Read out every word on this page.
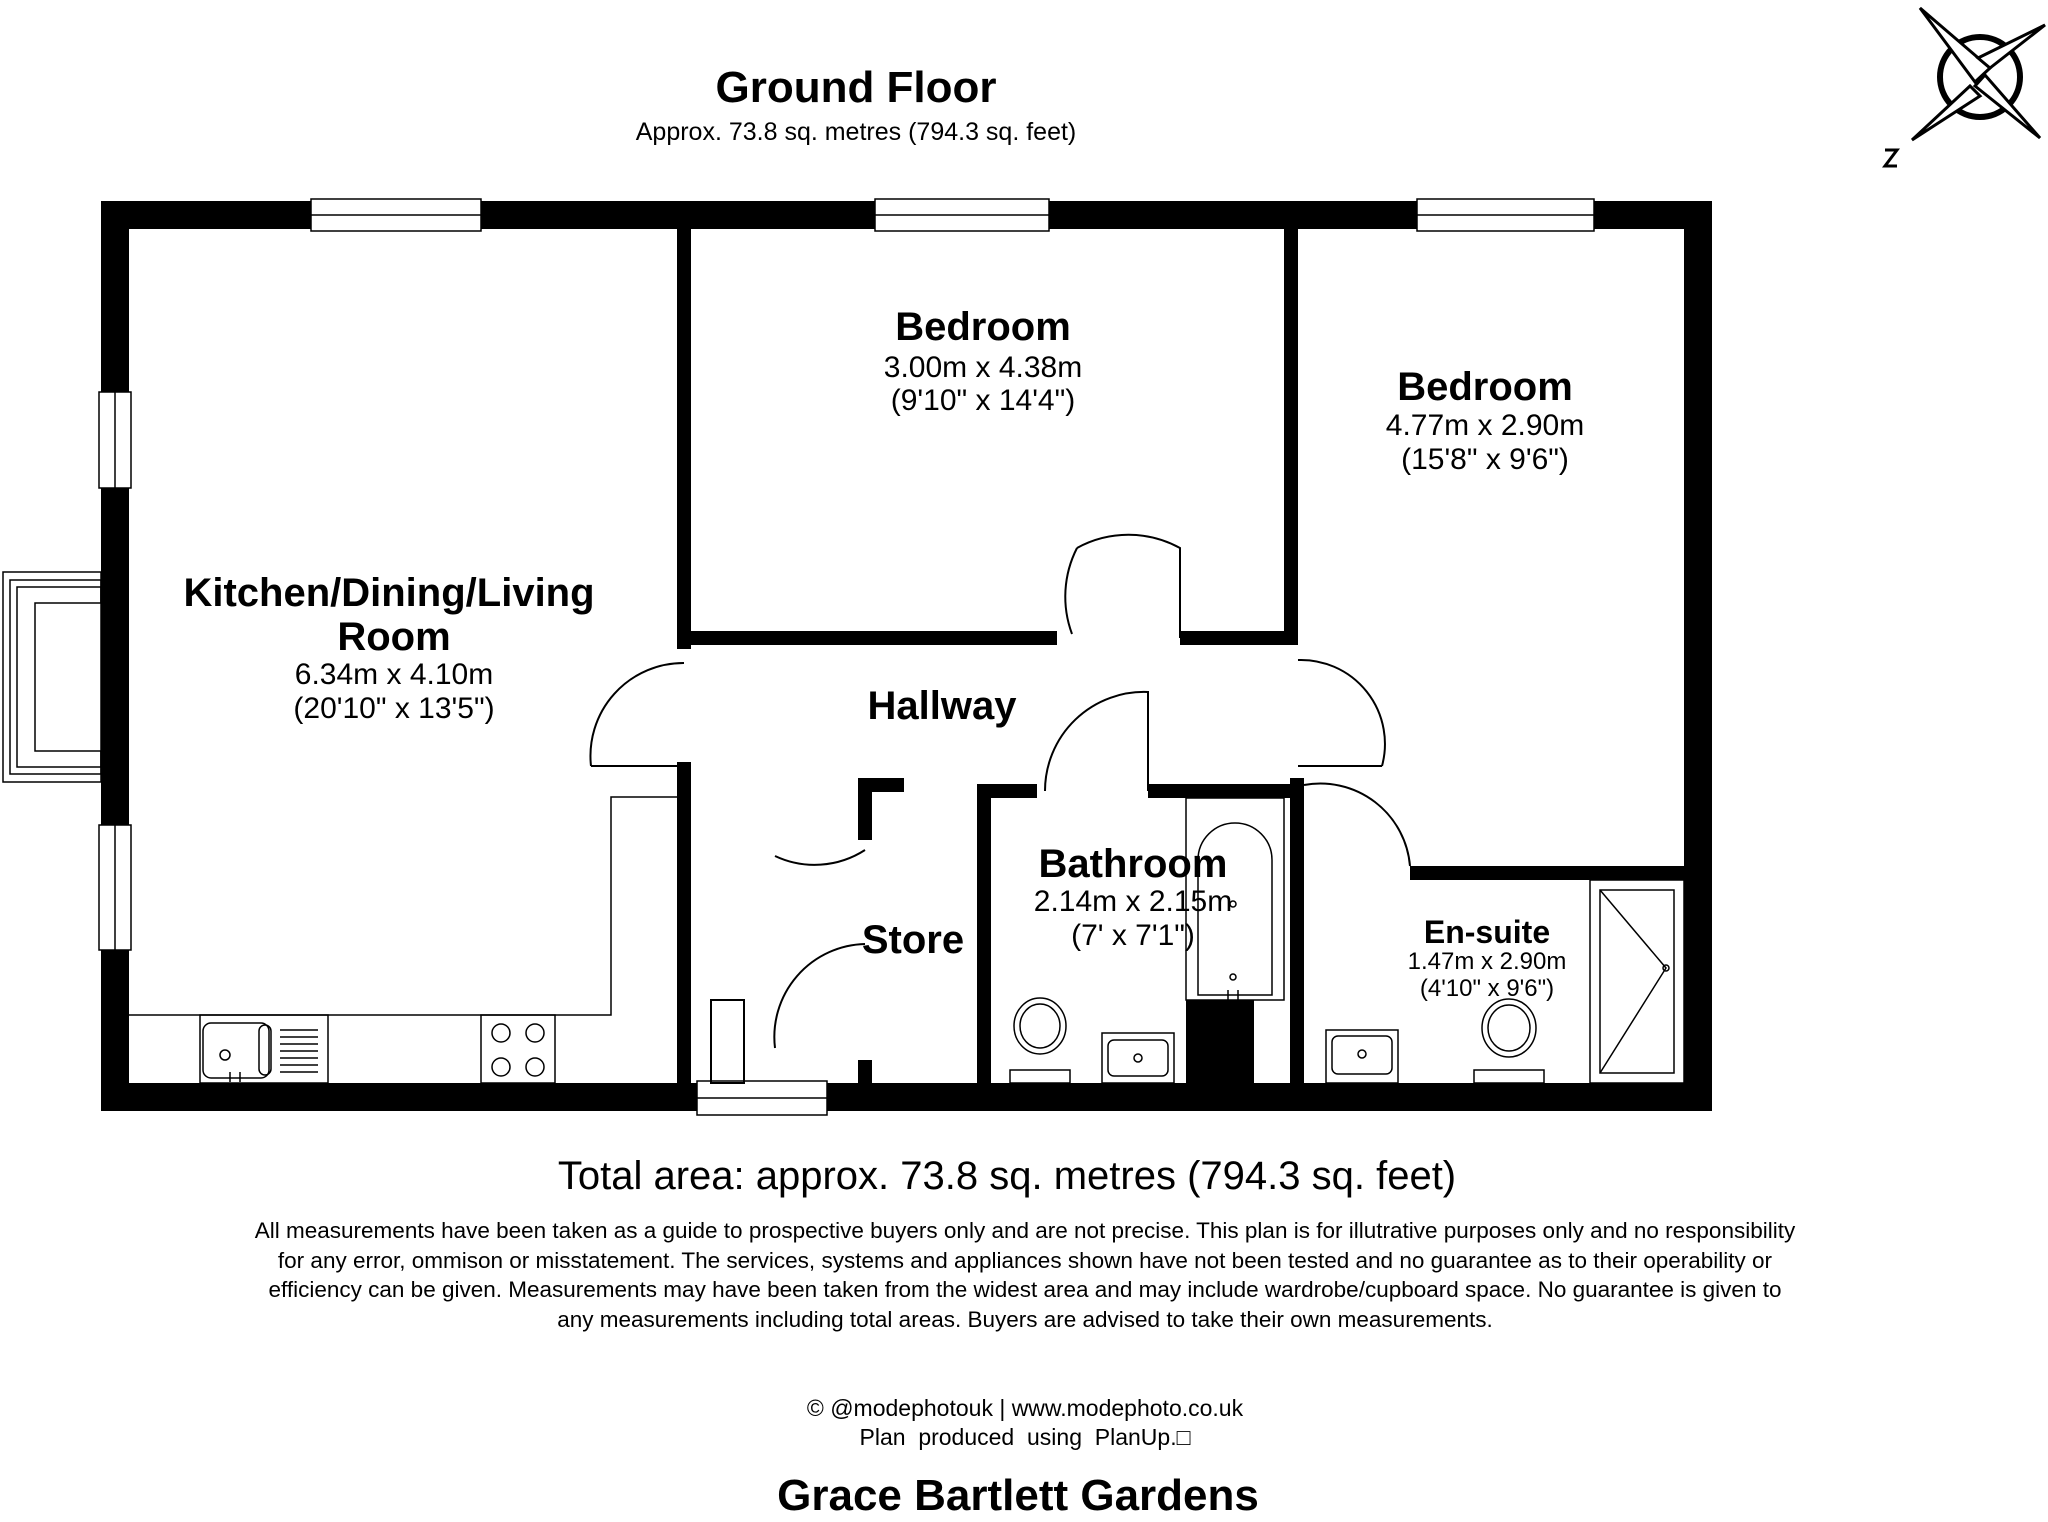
Ground Floor
Approx. 73.8 sq. metres (794.3 sq. feet)
Kitchen/Dining/Living
Room
6.34m x 4.10m
(20'10" x 13'5")
Bedroom
3.00m x 4.38m
(9'10" x 14'4")	Bedroom
4.77m x 2.90m
(15'8" x 9'6")
Hallway
Bathroom
2.14m x 2.15m
(7' x 7'1")
Store	En-suite
1.47m x 2.90m
(4'10" x 9'6")
Total area: approx. 73.8 sq. metres (794.3 sq. feet)
All measurements have been taken as a guide to prospective buyers only and are not precise. This plan is for illutrative purposes only and no responsibility for any error, ommison or misstatement. The services, systems and appliances shown have not been tested and no guarantee as to their operability or efficiency can be given. Measurements may have been taken from the widest area and may include wardrobe/cupboard space. No guarantee is given to any measurements including total areas. Buyers are advised to take their own measurements.
© @modephotouk | www.modephoto.co.uk
Plan  produced  using  PlanUp.□
Grace Bartlett Gardens
